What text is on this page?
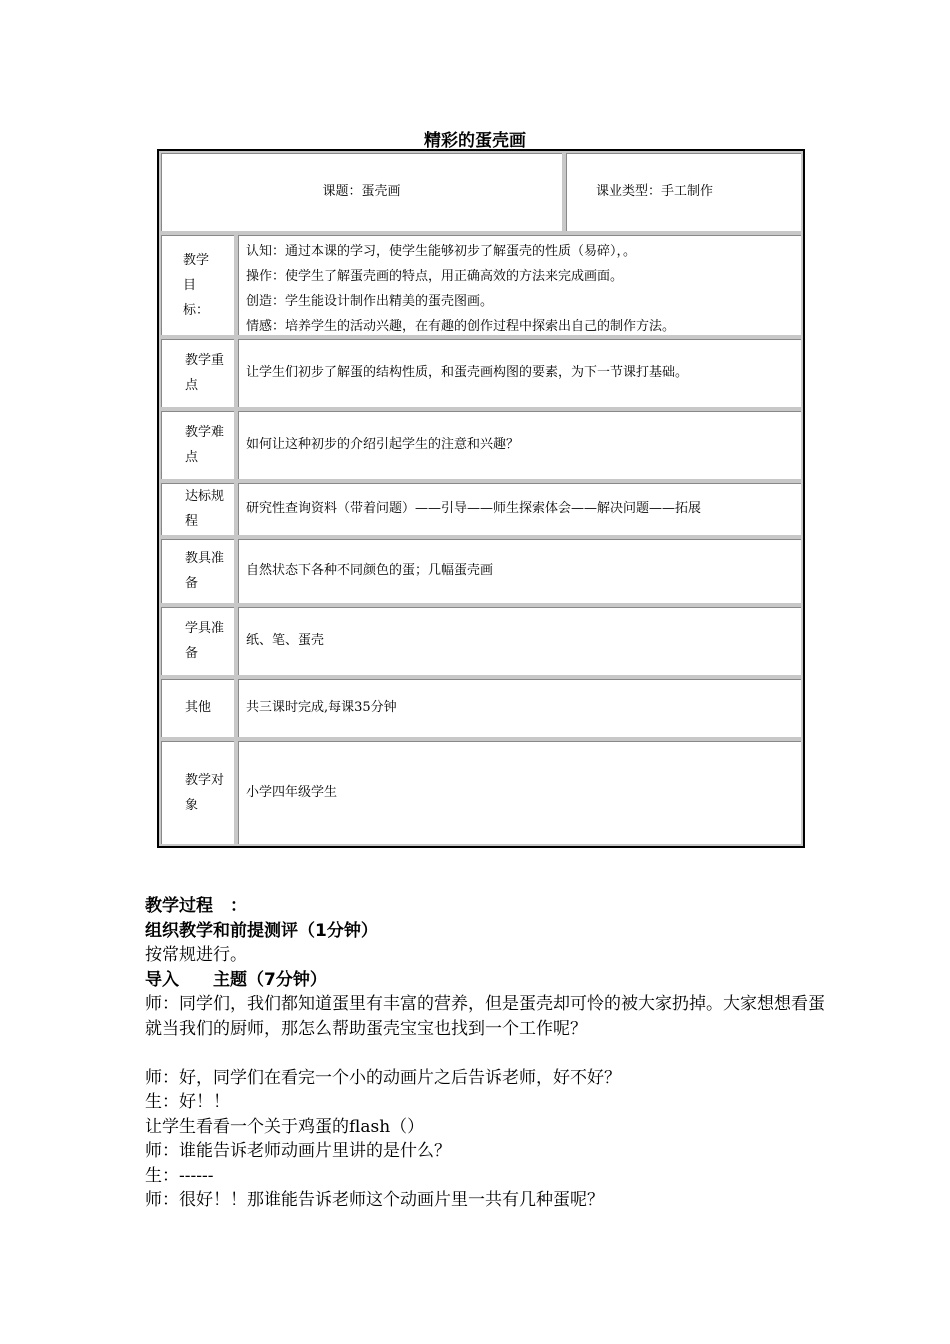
精彩的蛋壳画
课题：蛋壳画	课业类型：手工制作
教学目标：
认知：通过本课的学习，使学生能够初步了解蛋壳的性质（易碎），。
操作：使学生了解蛋壳画的特点，用正确高效的方法来完成画面。
创造：学生能设计制作出精美的蛋壳图画。
情感：培养学生的活动兴趣，在有趣的创作过程中探索出自己的制作方法。
教学重点
让学生们初步了解蛋的结构性质，和蛋壳画构图的要素，为下一节课打基础。
教学难点
如何让这种初步的介绍引起学生的注意和兴趣？
达标规程
研究性查询资料（带着问题）——引导——师生探索体会——解决问题——拓展
教具准备
自然状态下各种不同颜色的蛋；几幅蛋壳画
学具准备
纸、笔、蛋壳
其他	共三课时完成,每课35分钟
教学对象
小学四年级学生

教学过程　：

组织教学和前提测评（1分钟）

按常规进行。

导入　　主题（7分钟）

师：同学们，我们都知道蛋里有丰富的营养，但是蛋壳却可怜的被大家扔掉。大家想想看蛋就当我们的厨师，那怎么帮助蛋壳宝宝也找到一个工作呢？

师：好，同学们在看完一个小的动画片之后告诉老师，好不好？

生：好！！

让学生看看一个关于鸡蛋的flash（）

师：谁能告诉老师动画片里讲的是什么？

生：------

师：很好！！那谁能告诉老师这个动画片里一共有几种蛋呢？
